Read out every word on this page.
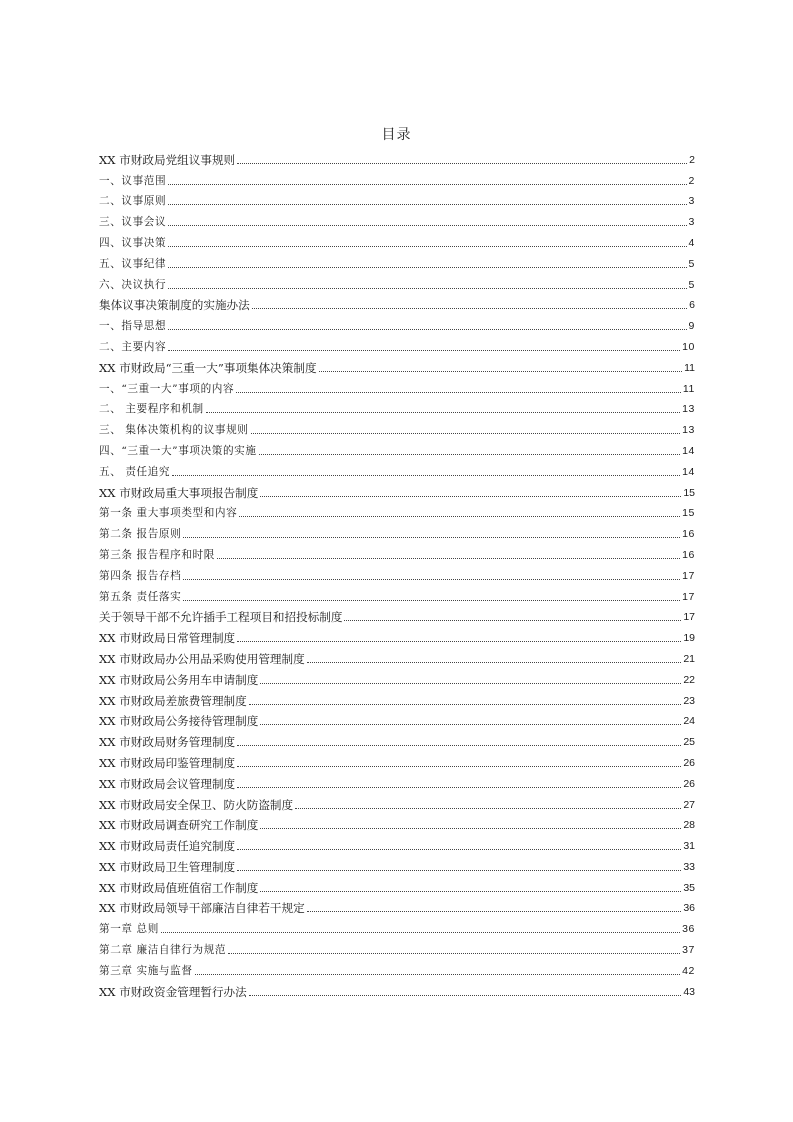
目录
XX 市财政局党组议事规则	2
一、议事范围	2
二、议事原则	3
三、议事会议	3
四、议事决策	4
五、议事纪律	5
六、决议执行	5
集体议事决策制度的实施办法	6
一、指导思想	9
二、主要内容	10
XX 市财政局“三重一大”事项集体决策制度	11
一、“三重一大”事项的内容	11
二、 主要程序和机制	13
三、 集体决策机构的议事规则	13
四、“三重一大”事项决策的实施	14
五、 责任追究	14
XX 市财政局重大事项报告制度	15
第一条 重大事项类型和内容	15
第二条 报告原则	16
第三条 报告程序和时限	16
第四条 报告存档	17
第五条 责任落实	17
关于领导干部不允许插手工程项目和招投标制度	17
XX 市财政局日常管理制度	19
XX 市财政局办公用品采购使用管理制度	21
XX 市财政局公务用车申请制度	22
XX 市财政局差旅费管理制度	23
XX 市财政局公务接待管理制度	24
XX 市财政局财务管理制度	25
XX 市财政局印鉴管理制度	26
XX 市财政局会议管理制度	26
XX 市财政局安全保卫、防火防盗制度	27
XX 市财政局调查研究工作制度	28
XX 市财政局责任追究制度	31
XX 市财政局卫生管理制度	33
XX 市财政局值班值宿工作制度	35
XX 市财政局领导干部廉洁自律若干规定	36
第一章 总则	36
第二章 廉洁自律行为规范	37
第三章 实施与监督	42
XX 市财政资金管理暂行办法	43
